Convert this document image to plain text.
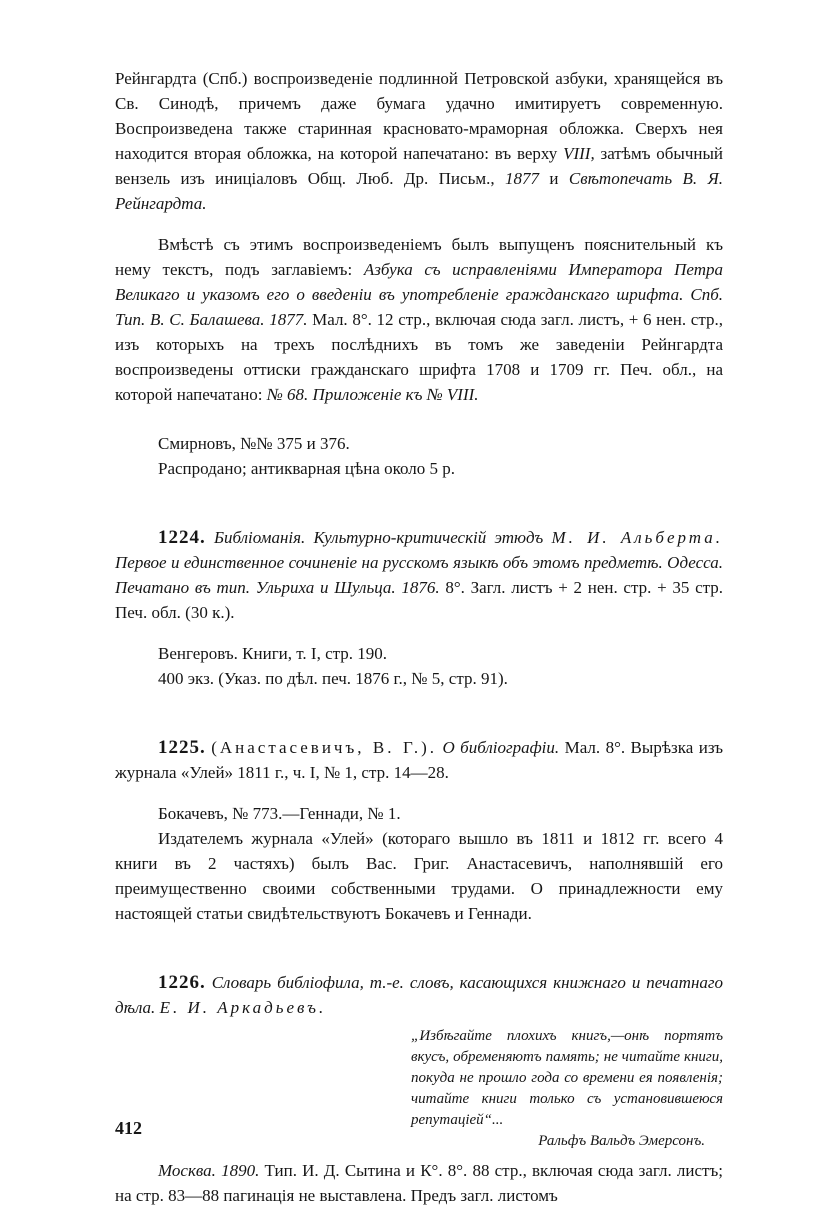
Рейнгардта (Спб.) воспроизведеніе подлинной Петровской азбуки, хранящейся въ Св. Синодѣ, причемъ даже бумага удачно имитируетъ современную. Воспроизведена также старинная красновато-мраморная обложка. Сверхъ нея находится вторая обложка, на которой напечатано: въ верху VIII, затѣмъ обычный вензель изъ иниціаловъ Общ. Люб. Др. Письм., 1877 и Свѣтопечать В. Я. Рейнгардта.

Вмѣстѣ съ этимъ воспроизведеніемъ былъ выпущенъ пояснительный къ нему текстъ, подъ заглавіемъ: Азбука съ исправленіями Императора Петра Великаго и указомъ его о введеніи въ употребленіе гражданскаго шрифта. Спб. Тип. В. С. Балашева. 1877. Мал. 8°. 12 стр., включая сюда загл. листъ, + 6 нен. стр., изъ которыхъ на трехъ послѣднихъ въ томъ же заведеніи Рейнгардта воспроизведены оттиски гражданскаго шрифта 1708 и 1709 гг. Печ. обл., на которой напечатано: № 68. Приложеніе къ № VIII.

Смирновъ, №№ 375 и 376.

Распродано; антикварная цѣна около 5 р.

1224. Библіоманія. Культурно-критическій этюдъ М. И. Альберта. Первое и единственное сочиненіе на русскомъ языкѣ объ этомъ предметѣ. Одесса. Печатано въ тип. Ульриха и Шульца. 1876. 8°. Загл. листъ + 2 нен. стр. + 35 стр. Печ. обл. (30 к.).

Венгеровъ. Книги, т. I, стр. 190.

400 экз. (Указ. по дѣл. печ. 1876 г., № 5, стр. 91).

1225. (Анастасевичъ, В. Г.). О библіографіи. Мал. 8°. Вырѣзка изъ журнала «Улей» 1811 г., ч. I, № 1, стр. 14—28.

Бокачевъ, № 773.—Геннади, № 1.

Издателемъ журнала «Улей» (котораго вышло въ 1811 и 1812 гг. всего 4 книги въ 2 частяхъ) былъ Вас. Григ. Анастасевичъ, наполнявшій его преимущественно своими собственными трудами. О принадлежности ему настоящей статьи свидѣтельствуютъ Бокачевъ и Геннади.

1226. Словарь библіофила, т.-е. словъ, касающихся книжнаго и печатнаго дѣла. Е. И. Аркадьевъ.

„Избѣгайте плохихъ книгъ,—онѣ портятъ вкусъ, обременяютъ память; не читайте книги, покуда не прошло года со времени ея появленія; читайте книги только съ установившеюся репутаціей“...

Ральфъ Вальдъ Эмерсонъ.

Москва. 1890. Тип. И. Д. Сытина и К°. 8°. 88 стр., включая сюда загл. листъ; на стр. 83—88 пагинація не выставлена. Предъ загл. листомъ

412
